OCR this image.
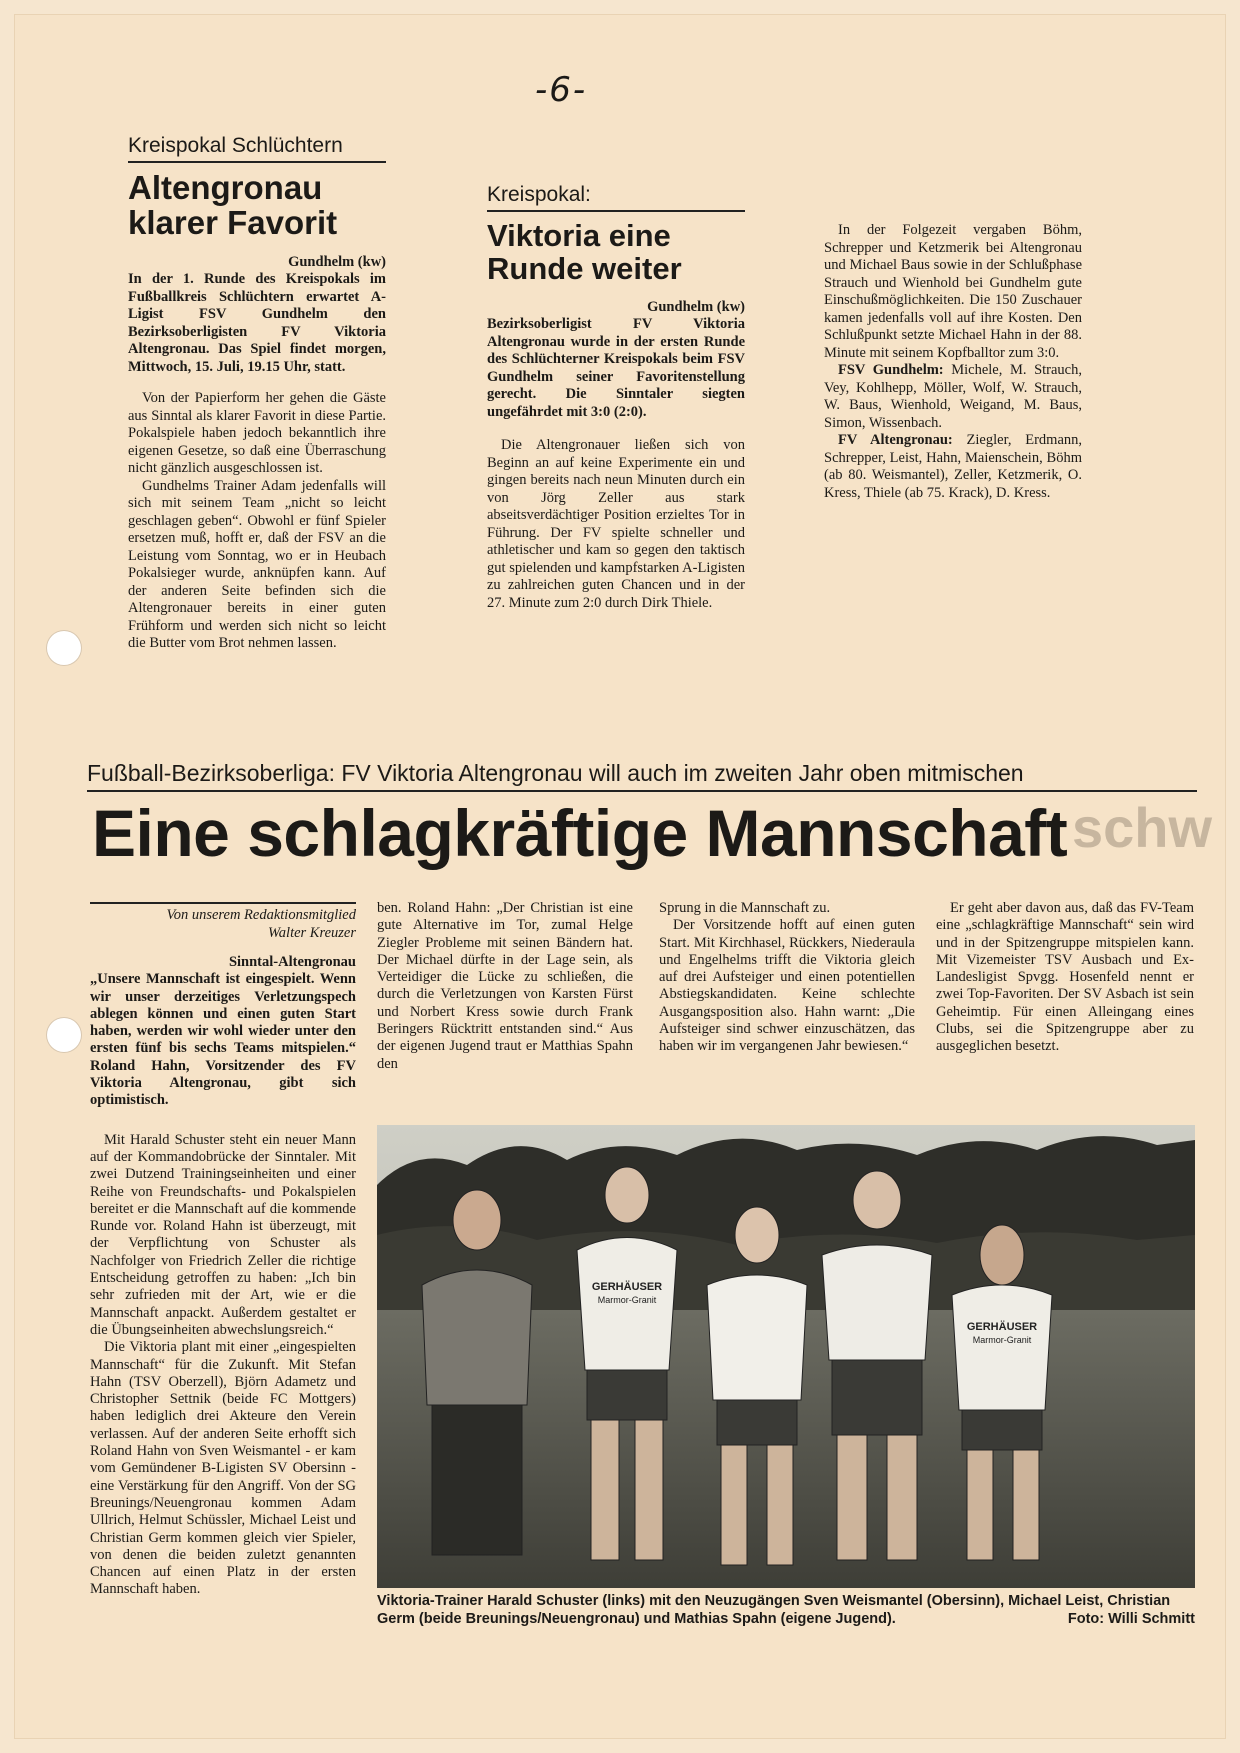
-6-
schw
Kreispokal Schlüchtern
Altengronau
klarer Favorit
Gundhelm (kw)
In der 1. Runde des Kreispokals im Fußballkreis Schlüchtern erwartet A-Ligist FSV Gundhelm den Bezirksoberligisten FV Viktoria Altengronau. Das Spiel findet morgen, Mittwoch, 15. Juli, 19.15 Uhr, statt.

Von der Papierform her gehen die Gäste aus Sinntal als klarer Favorit in diese Partie. Pokalspiele haben jedoch bekanntlich ihre eigenen Gesetze, so daß eine Überraschung nicht gänzlich ausgeschlossen ist.

Gundhelms Trainer Adam jedenfalls will sich mit seinem Team „nicht so leicht geschlagen geben“. Obwohl er fünf Spieler ersetzen muß, hofft er, daß der FSV an die Leistung vom Sonntag, wo er in Heubach Pokalsieger wurde, anknüpfen kann. Auf der anderen Seite befinden sich die Altengronauer bereits in einer guten Frühform und werden sich nicht so leicht die Butter vom Brot nehmen lassen.

Kreispokal:
Viktoria eine
Runde weiter
Gundhelm (kw)
Bezirksoberligist FV Viktoria Altengronau wurde in der ersten Runde des Schlüchterner Kreispokals beim FSV Gundhelm seiner Favoritenstellung gerecht. Die Sinntaler siegten ungefährdet mit 3:0 (2:0).

Die Altengronauer ließen sich von Beginn an auf keine Experimente ein und gingen bereits nach neun Minuten durch ein von Jörg Zeller aus stark abseitsverdächtiger Position erzieltes Tor in Führung. Der FV spielte schneller und athletischer und kam so gegen den taktisch gut spielenden und kampfstarken A-Ligisten zu zahlreichen guten Chancen und in der 27. Minute zum 2:0 durch Dirk Thiele.

In der Folgezeit vergaben Böhm, Schrepper und Ketzmerik bei Altengronau und Michael Baus sowie in der Schlußphase Strauch und Wienhold bei Gundhelm gute Einschußmöglichkeiten. Die 150 Zuschauer kamen jedenfalls voll auf ihre Kosten. Den Schlußpunkt setzte Michael Hahn in der 88. Minute mit seinem Kopfballtor zum 3:0.

FSV Gundhelm: Michele, M. Strauch, Vey, Kohlhepp, Möller, Wolf, W. Strauch, W. Baus, Wienhold, Weigand, M. Baus, Simon, Wissenbach.

FV Altengronau: Ziegler, Erdmann, Schrepper, Leist, Hahn, Maienschein, Böhm (ab 80. Weismantel), Zeller, Ketzmerik, O. Kress, Thiele (ab 75. Krack), D. Kress.

Fußball-Bezirksoberliga: FV Viktoria Altengronau will auch im zweiten Jahr oben mitmischen
Eine schlagkräftige Mannschaft
Von unserem Redaktionsmitglied
Walter Kreuzer
Sinntal-Altengronau
„Unsere Mannschaft ist eingespielt. Wenn wir unser derzeitiges Verletzungspech ablegen können und einen guten Start haben, werden wir wohl wieder unter den ersten fünf bis sechs Teams mitspielen.“ Roland Hahn, Vorsitzender des FV Viktoria Altengronau, gibt sich optimistisch.

Mit Harald Schuster steht ein neuer Mann auf der Kommandobrücke der Sinntaler. Mit zwei Dutzend Trainingseinheiten und einer Reihe von Freundschafts- und Pokalspielen bereitet er die Mannschaft auf die kommende Runde vor. Roland Hahn ist überzeugt, mit der Verpflichtung von Schuster als Nachfolger von Friedrich Zeller die richtige Entscheidung getroffen zu haben: „Ich bin sehr zufrieden mit der Art, wie er die Mannschaft anpackt. Außerdem gestaltet er die Übungseinheiten abwechslungsreich.“

Die Viktoria plant mit einer „eingespielten Mannschaft“ für die Zukunft. Mit Stefan Hahn (TSV Oberzell), Björn Adametz und Christopher Settnik (beide FC Mottgers) haben lediglich drei Akteure den Verein verlassen. Auf der anderen Seite erhofft sich Roland Hahn von Sven Weismantel - er kam vom Gemündener B-Ligisten SV Obersinn - eine Verstärkung für den Angriff. Von der SG Breunings/Neuengronau kommen Adam Ullrich, Helmut Schüssler, Michael Leist und Christian Germ kommen gleich vier Spieler, von denen die beiden zuletzt genannten Chancen auf einen Platz in der ersten Mannschaft haben.

ben. Roland Hahn: „Der Christian ist eine gute Alternative im Tor, zumal Helge Ziegler Probleme mit seinen Bändern hat. Der Michael dürfte in der Lage sein, als Verteidiger die Lücke zu schließen, die durch die Verletzungen von Karsten Fürst und Norbert Kress sowie durch Frank Beringers Rücktritt entstanden sind.“ Aus der eigenen Jugend traut er Matthias Spahn den

Sprung in die Mannschaft zu.

Der Vorsitzende hofft auf einen guten Start. Mit Kirchhasel, Rückkers, Niederaula und Engelhelms trifft die Viktoria gleich auf drei Aufsteiger und einen potentiellen Abstiegskandidaten. Keine schlechte Ausgangsposition also. Hahn warnt: „Die Aufsteiger sind schwer einzuschätzen, das haben wir im vergangenen Jahr bewiesen.“

Er geht aber davon aus, daß das FV-Team eine „schlagkräftige Mannschaft“ sein wird und in der Spitzengruppe mitspielen kann. Mit Vizemeister TSV Ausbach und Ex-Landesligist Spvgg. Hosenfeld nennt er zwei Top-Favoriten. Der SV Asbach ist sein Geheimtip. Für einen Alleingang eines Clubs, sei die Spitzengruppe aber zu ausgeglichen besetzt.

GERHÄUSER
Marmor-Granit
GERHÄUSER
Marmor-Granit
Viktoria-Trainer Harald Schuster (links) mit den Neuzugängen Sven Weismantel (Obersinn), Michael Leist, Christian Germ (beide Breunings/Neuengronau) und Mathias Spahn (eigene Jugend).	Foto: Willi Schmitt
